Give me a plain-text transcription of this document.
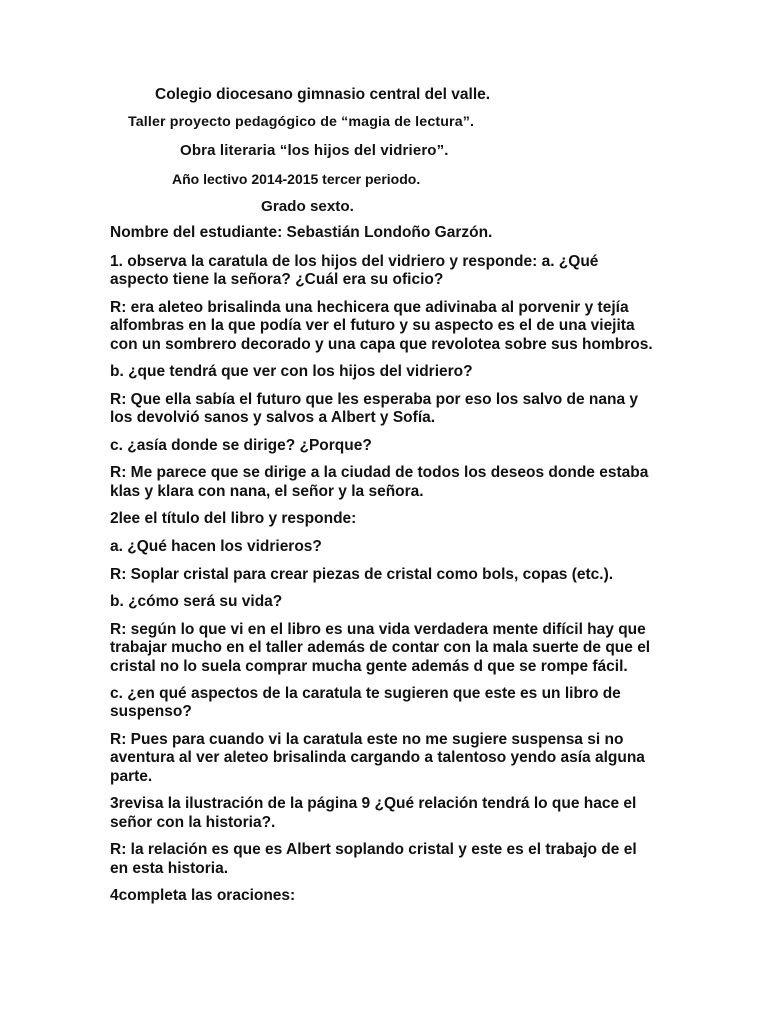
Colegio diocesano gimnasio central del valle.
Taller proyecto pedagógico de “magia de lectura”.
Obra literaria “los hijos del vidriero”.
Año lectivo 2014-2015 tercer periodo.
Grado sexto.
Nombre del estudiante: Sebastián Londoño Garzón.
1. observa la caratula de los hijos del vidriero y responde: a. ¿Qué
aspecto tiene la señora? ¿Cuál era su oficio?
R: era aleteo brisalinda una hechicera que adivinaba al porvenir y tejía
alfombras en la que podía ver el futuro y su aspecto es el de una viejita
con un sombrero decorado y una capa que revolotea sobre sus hombros.
b. ¿que tendrá que ver con los hijos del vidriero?
R: Que ella sabía el futuro que les esperaba por eso los salvo de nana y
los devolvió sanos y salvos a Albert y Sofía.
c. ¿asía donde se dirige? ¿Porque?
R: Me parece que se dirige a la ciudad de todos los deseos donde estaba
klas y klara con nana, el señor y la señora.
2lee el título del libro y responde:
a. ¿Qué hacen los vidrieros?
R: Soplar cristal para crear piezas de cristal como bols, copas (etc.).
b. ¿cómo será su vida?
R: según lo que vi en el libro es una vida verdadera mente difícil hay que
trabajar mucho en el taller además de contar con la mala suerte de que el
cristal no lo suela comprar mucha gente además d que se rompe fácil.
c. ¿en qué aspectos de la caratula te sugieren que este es un libro de
suspenso?
R: Pues para cuando vi la caratula este no me sugiere suspensa si no
aventura al ver aleteo brisalinda cargando a talentoso yendo asía alguna
parte.
3revisa la ilustración de la página 9 ¿Qué relación tendrá lo que hace el
señor con la historia?.
R: la relación es que es Albert soplando cristal y este es el trabajo de el
en esta historia.
4completa las oraciones:
